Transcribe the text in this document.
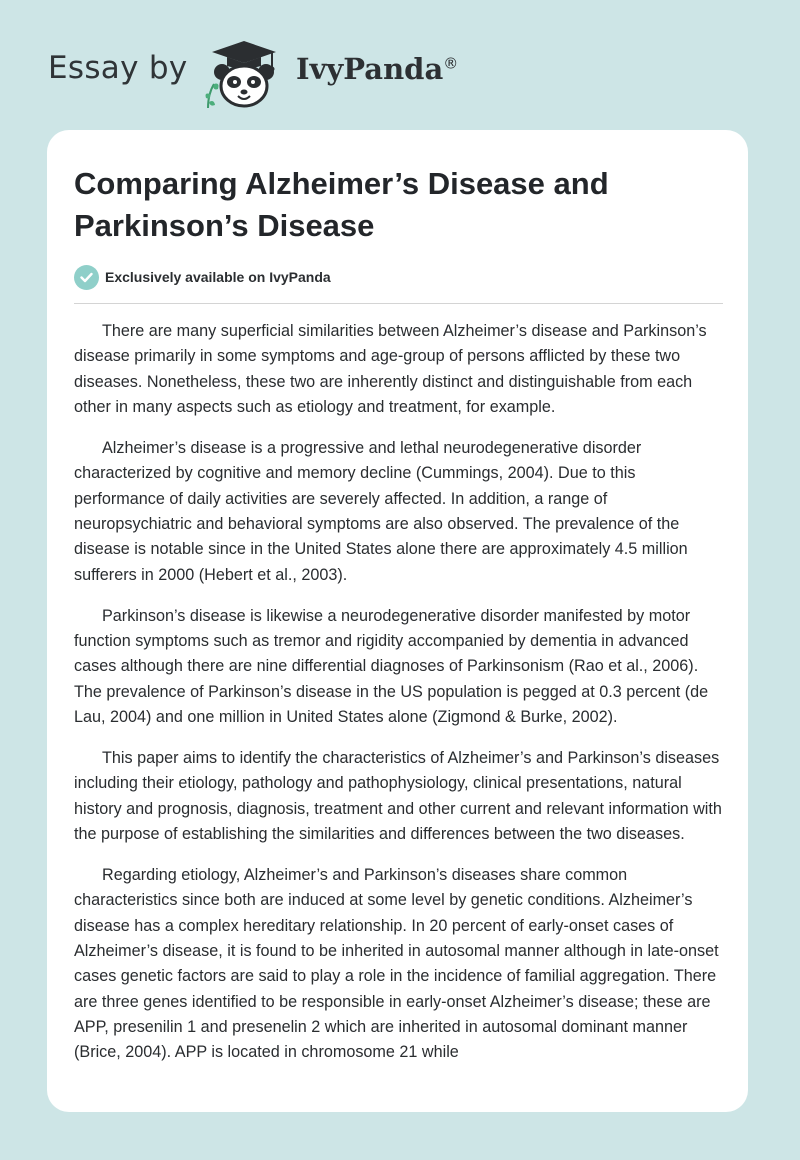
Essay by	IvyPanda®
Comparing Alzheimer’s Disease and Parkinson’s Disease
Exclusively available on IvyPanda

There are many superficial similarities between Alzheimer’s disease and Parkinson’s disease primarily in some symptoms and age-group of persons afflicted by these two diseases. Nonetheless, these two are inherently distinct and distinguishable from each other in many aspects such as etiology and treatment, for example.

Alzheimer’s disease is a progressive and lethal neurodegenerative disorder characterized by cognitive and memory decline (Cummings, 2004). Due to this performance of daily activities are severely affected. In addition, a range of neuropsychiatric and behavioral symptoms are also observed. The prevalence of the disease is notable since in the United States alone there are approximately 4.5 million sufferers in 2000 (Hebert et al., 2003).

Parkinson’s disease is likewise a neurodegenerative disorder manifested by motor function symptoms such as tremor and rigidity accompanied by dementia in advanced cases although there are nine differential diagnoses of Parkinsonism (Rao et al., 2006). The prevalence of Parkinson’s disease in the US population is pegged at 0.3 percent (de Lau, 2004) and one million in United States alone (Zigmond & Burke, 2002).

This paper aims to identify the characteristics of Alzheimer’s and Parkinson’s diseases including their etiology, pathology and pathophysiology, clinical presentations, natural history and prognosis, diagnosis, treatment and other current and relevant information with the purpose of establishing the similarities and differences between the two diseases.

Regarding etiology, Alzheimer’s and Parkinson’s diseases share common characteristics since both are induced at some level by genetic conditions. Alzheimer’s disease has a complex hereditary relationship. In 20 percent of early-onset cases of Alzheimer’s disease, it is found to be inherited in autosomal manner although in late-onset cases genetic factors are said to play a role in the incidence of familial aggregation. There are three genes identified to be responsible in early-onset Alzheimer’s disease; these are APP, presenilin 1 and presenelin 2 which are inherited in autosomal dominant manner (Brice, 2004). APP is located in chromosome 21 while
